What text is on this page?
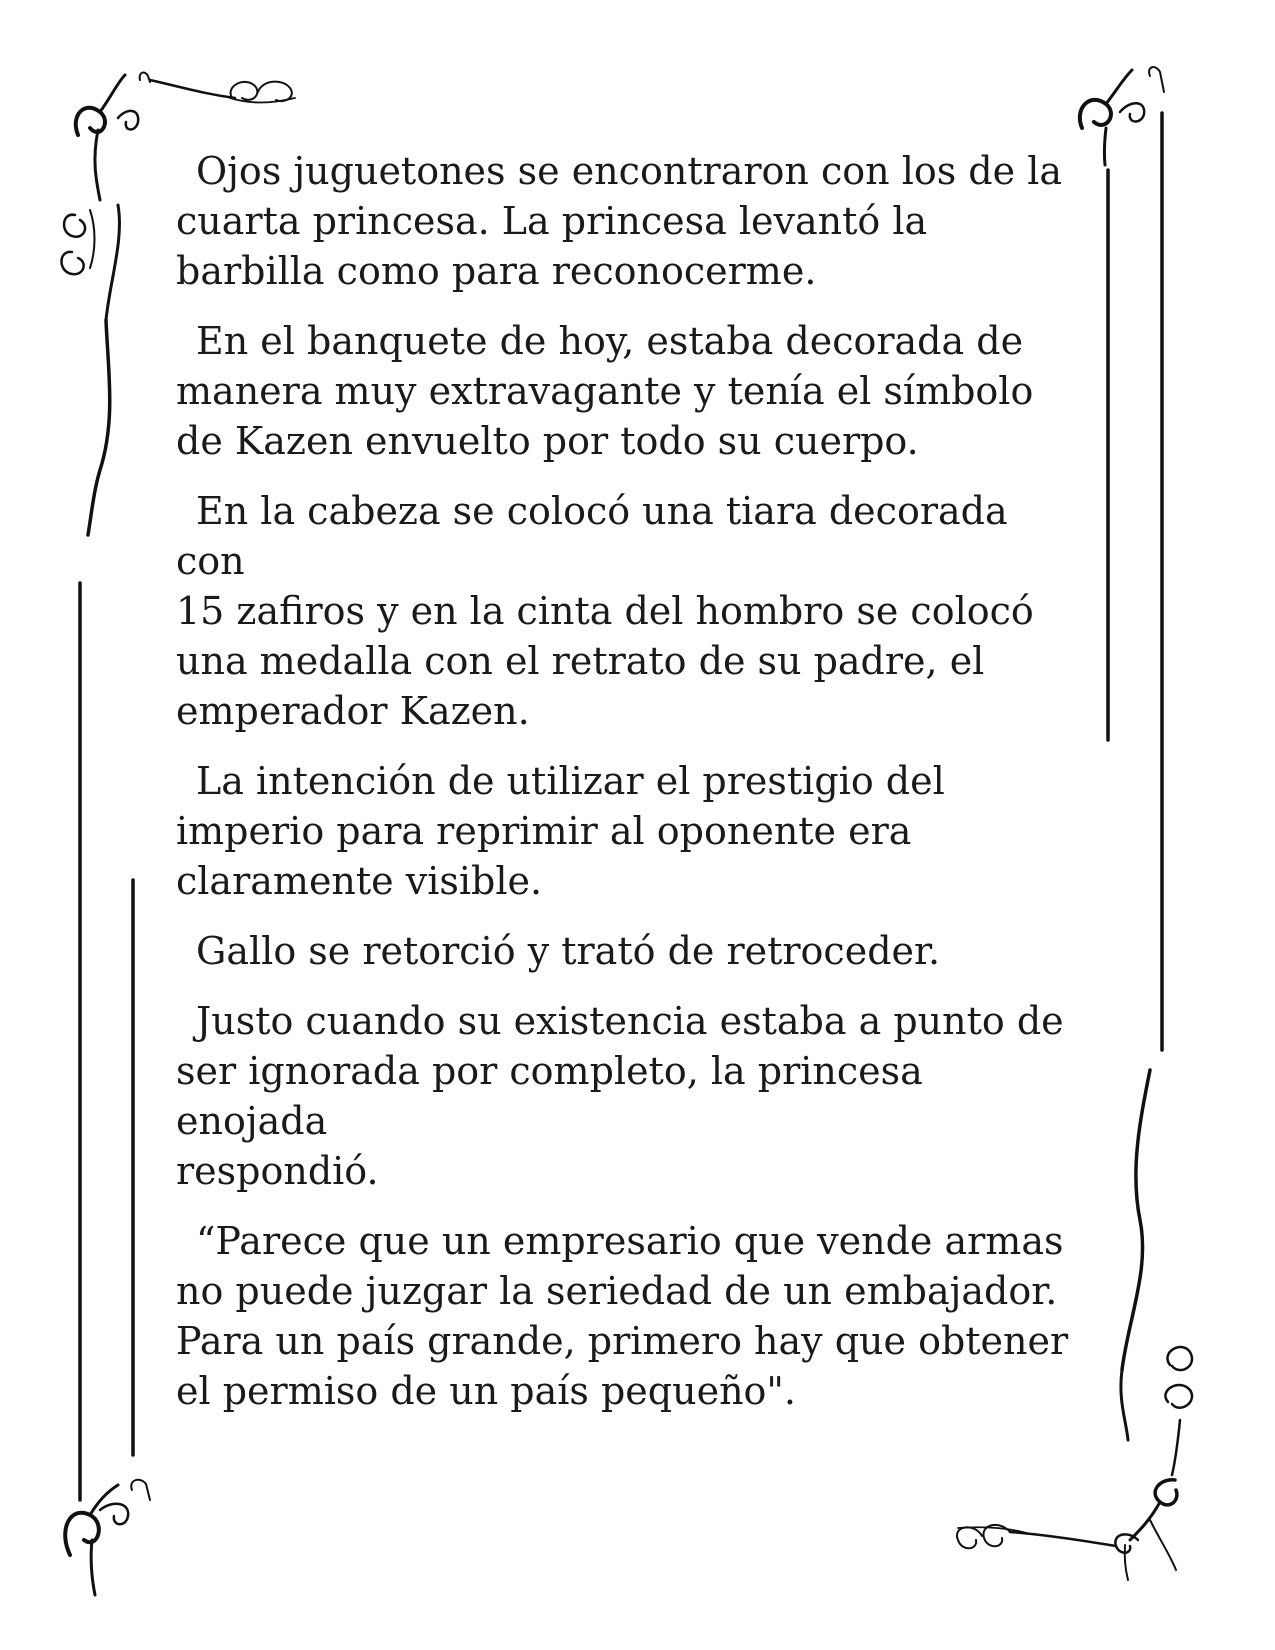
Ojos juguetones se encontraron con los de la
cuarta princesa. La princesa levantó la
barbilla como para reconocerme.

En el banquete de hoy, estaba decorada de
manera muy extravagante y tenía el símbolo
de Kazen envuelto por todo su cuerpo.

En la cabeza se colocó una tiara decorada con
15 zafiros y en la cinta del hombro se colocó
una medalla con el retrato de su padre, el
emperador Kazen.

La intención de utilizar el prestigio del
imperio para reprimir al oponente era
claramente visible.

Gallo se retorció y trató de retroceder.

Justo cuando su existencia estaba a punto de
ser ignorada por completo, la princesa enojada
respondió.

“Parece que un empresario que vende armas
no puede juzgar la seriedad de un embajador.
Para un país grande, primero hay que obtener
el permiso de un país pequeño".
